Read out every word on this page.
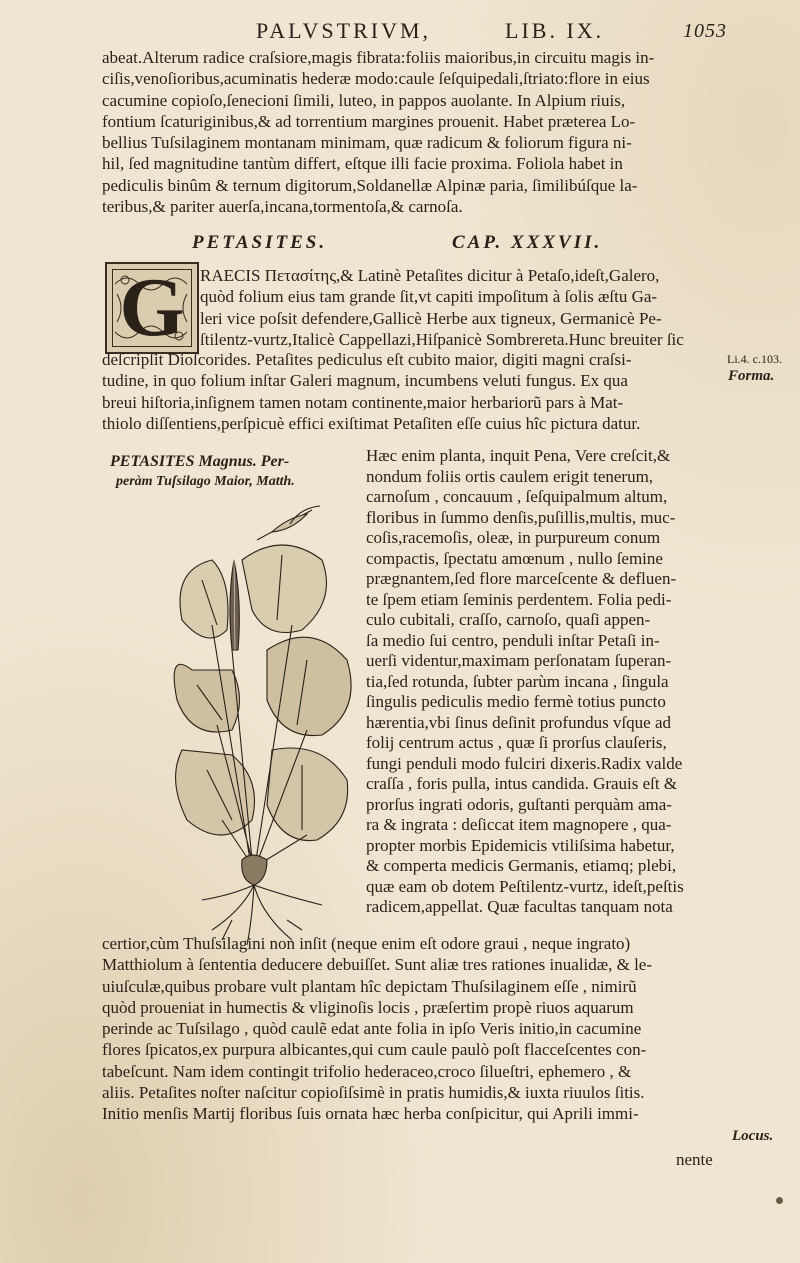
PALVSTRIVM,	LIB. IX.	1053
abeat.Alterum radice craſsiore,magis fibrata:foliis maioribus,in circuitu magis in-
ciſis,venoſioribus,acuminatis hederæ modo:caule ſeſquipedali,ſtriato:flore in eius
cacumine copioſo,ſenecioni ſimili, luteo, in pappos auolante. In Alpium riuis,
fontium ſcaturiginibus,& ad torrentium margines prouenit. Habet præterea Lo-
bellius Tuſsilaginem montanam minimam, quæ radicum & foliorum figura ni-
hil, ſed magnitudine tantùm differt, eſtque illi facie proxima. Foliola habet in
pediculis binûm & ternum digitorum,Soldanellæ Alpinæ paria, ſimilibúſque la-
teribus,& pariter auerſa,incana,tormentoſa,& carnoſa.
PETASITES.	CAP. XXXVII.
G RAECIS Πετασίτης,& Latinè Petaſites dicitur à Petaſo,ideſt,Galero,
quòd folium eius tam grande ſit,vt capiti impoſitum à ſolis æſtu Ga-
leri vice poſsit defendere,Gallicè Herbe aux tigneux, Germanicè Pe-
ſtilentz-vurtz,Italicè Cappellazi,Hiſpanicè Sombrereta.Hunc breuiter ſic
deſcripſit Dioſcorides. Petaſites pediculus eſt cubito maior, digiti magni craſsi-
tudine, in quo folium inſtar Galeri magnum, incumbens veluti fungus. Ex qua
breui hiſtoria,inſignem tamen notam continente,maior herbariorũ pars à Mat-
thiolo diſſentiens,perſpicuè effici exiſtimat Petaſiten eſſe cuius hîc pictura datur.
Li.4. c.103.
Forma.
Locus.
PETASITES Magnus. Per-
peràm Tuſsilago Maior, Matth.
Hæc enim planta, inquit Pena, Vere creſcit,&
nondum foliis ortis caulem erigit tenerum,
carnoſum , concauum , ſeſquipalmum altum,
floribus in ſummo denſis,puſillis,multis, muc-
coſis,racemoſis, oleæ, in purpureum conum
compactis, ſpectatu amœnum , nullo ſemine
prægnantem,ſed flore marceſcente & defluen-
te ſpem etiam ſeminis perdentem. Folia pedi-
culo cubitali, craſſo, carnoſo, quaſi appen-
ſa medio ſui centro, penduli inſtar Petaſi in-
uerſi videntur,maximam perſonatam ſuperan-
tia,ſed rotunda, ſubter parùm incana , ſingula
ſingulis pediculis medio fermè totius puncto
hærentia,vbi ſinus deſinit profundus vſque ad
folij centrum actus , quæ ſi prorſus clauſeris,
fungi penduli modo fulciri dixeris.Radix valde
craſſa , foris pulla, intus candida. Grauis eſt &
prorſus ingrati odoris, guſtanti perquàm ama-
ra & ingrata : deſiccat item magnopere , qua-
propter morbis Epidemicis vtiliſsima habetur,
& comperta medicis Germanis, etiamq; plebi,
quæ eam ob dotem Peſtilentz-vurtz, ideſt,peſtis
radicem,appellat. Quæ facultas tanquam nota
certior,cùm Thuſsilagini non inſit (neque enim eſt odore graui , neque ingrato)
Matthiolum à ſententia deducere debuiſſet. Sunt aliæ tres rationes inualidæ, & le-
uiuſculæ,quibus probare vult plantam hîc depictam Thuſsilaginem eſſe , nimirũ
quòd proueniat in humectis & vliginoſis locis , præſertim propè riuos aquarum
perinde ac Tuſsilago , quòd caulẽ edat ante folia in ipſo Veris initio,in cacumine
flores ſpicatos,ex purpura albicantes,qui cum caule paulò poſt flacceſcentes con-
tabeſcunt. Nam idem contingit trifolio hederaceo,croco ſilueſtri, ephemero , &
aliis. Petaſites noſter naſcitur copioſiſsimè in pratis humidis,& iuxta riuulos ſitis.
Initio menſis Martij floribus ſuis ornata hæc herba conſpicitur, qui Aprili immi-
nente
